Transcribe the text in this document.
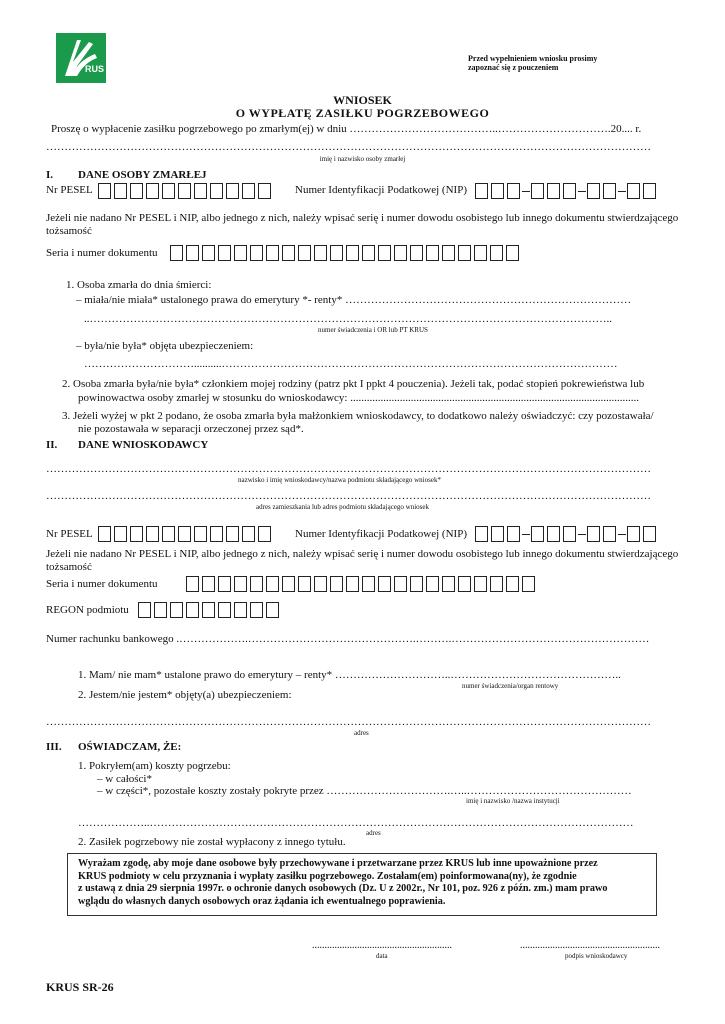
RUS
Przed wypełnieniem wniosku prosimy
zapoznać się z pouczeniem
WNIOSEK
O WYPŁATĘ ZASIŁKU POGRZEBOWEGO
Proszę o wypłacenie zasiłku pogrzebowego po zmarłym(ej) w dniu …………………………………..………………………….20.... r.
…………………………………………………………………………………………………………………………………………………
imię i nazwisko osoby zmarłej
I. DANE OSOBY ZMARŁEJ
Nr PESEL	Numer Identyfikacji Podatkowej (NIP)
Jeżeli nie nadano Nr PESEL i NIP, albo jednego z nich, należy wpisać serię i numer dowodu osobistego lub innego dokumentu stwierdzającego tożsamość
Seria i numer dokumentu
1. Osoba zmarła do dnia śmierci:
– miała/nie miała* ustalonego prawa do emerytury *- renty* ……………………………………………………………………
..……………………………………………………………………………………………………………………………..
numer świadczenia i OR lub PT KRUS
– była/nie była* objęta ubezpieczeniem:
…………………………..........………………………………………………………………………………………………
2. Osoba zmarła była/nie była* członkiem mojej rodziny (patrz pkt I ppkt 4 pouczenia). Jeżeli tak, podać stopień pokrewieństwa lub
powinowactwa osoby zmarłej w stosunku do wnioskodawcy: .........................................................................................................
3. Jeżeli wyżej w pkt 2 podano, że osoba zmarła była małżonkiem wnioskodawcy, to dodatkowo należy oświadczyć: czy pozostawała/
nie pozostawała w separacji orzeczonej przez sąd*.
II. DANE WNIOSKODAWCY
…………………………………………………………………………………………………………………………………………………
nazwisko i imię wnioskodawcy/nazwa podmiotu składającego wniosek*
…………………………………………………………………………………………………………………………………………………
adres zamieszkania lub adres podmiotu składającego wniosek
Nr PESEL	Numer Identyfikacji Podatkowej (NIP)
Jeżeli nie nadano Nr PESEL i NIP, albo jednego z nich, należy wpisać serię i numer dowodu osobistego lub innego dokumentu stwierdzającego tożsamość
Seria i numer dokumentu
REGON podmiotu
Numer rachunku bankowego .……………….……………………………………….……….………………………………………………
1. Mam/ nie mam* ustalone prawo do emerytury – renty* …………………………..………………………………………..
numer świadczenia/organ rentowy
2. Jestem/nie jestem* objęty(a) ubezpieczeniem:
…………………………………………………………………………………………………………………………………………………
adres
III. OŚWIADCZAM, ŻE:
1. Pokryłem(am) koszty pogrzebu:
– w całości*
– w części*, pozostałe koszty zostały pokryte przez …………………………….…..………………………………………
imię i nazwisko /nazwa instytucji
………………..……………………………………………………………………………………………………………………
adres
2. Zasiłek pogrzebowy nie został wypłacony z innego tytułu.
Wyrażam zgodę, aby moje dane osobowe były przechowywane i przetwarzane przez KRUS lub inne upoważnione przez
KRUS podmioty w celu przyznania i wypłaty zasiłku pogrzebowego. Zostałam(em) poinformowana(ny), że zgodnie
z ustawą z dnia 29 sierpnia 1997r. o ochronie danych osobowych (Dz. U z 2002r., Nr 101, poz. 926 z późn. zm.) mam prawo
wglądu do własnych danych osobowych oraz żądania ich ewentualnego poprawienia.
........................................................
data
........................................................
podpis wnioskodawcy
KRUS SR-26
